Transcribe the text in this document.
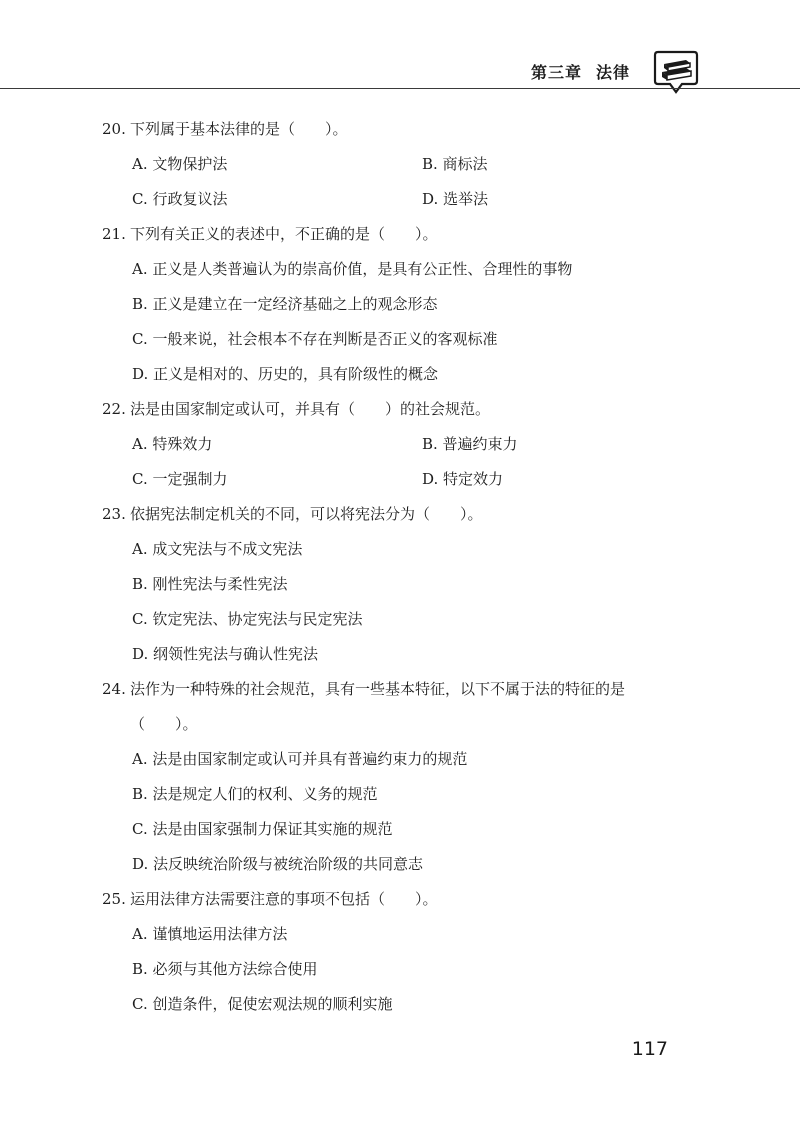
第三章 法律
20. 下列属于基本法律的是（　　）。
A. 文物保护法	B. 商标法
C. 行政复议法	D. 选举法
21. 下列有关正义的表述中，不正确的是（　　）。
A. 正义是人类普遍认为的崇高价值，是具有公正性、合理性的事物
B. 正义是建立在一定经济基础之上的观念形态
C. 一般来说，社会根本不存在判断是否正义的客观标准
D. 正义是相对的、历史的，具有阶级性的概念
22. 法是由国家制定或认可，并具有（　　）的社会规范。
A. 特殊效力	B. 普遍约束力
C. 一定强制力	D. 特定效力
23. 依据宪法制定机关的不同，可以将宪法分为（　　）。
A. 成文宪法与不成文宪法
B. 刚性宪法与柔性宪法
C. 钦定宪法、协定宪法与民定宪法
D. 纲领性宪法与确认性宪法
24. 法作为一种特殊的社会规范，具有一些基本特征，以下不属于法的特征的是
（　　）。
A. 法是由国家制定或认可并具有普遍约束力的规范
B. 法是规定人们的权利、义务的规范
C. 法是由国家强制力保证其实施的规范
D. 法反映统治阶级与被统治阶级的共同意志
25. 运用法律方法需要注意的事项不包括（　　）。
A. 谨慎地运用法律方法
B. 必须与其他方法综合使用
C. 创造条件，促使宏观法规的顺利实施
117
